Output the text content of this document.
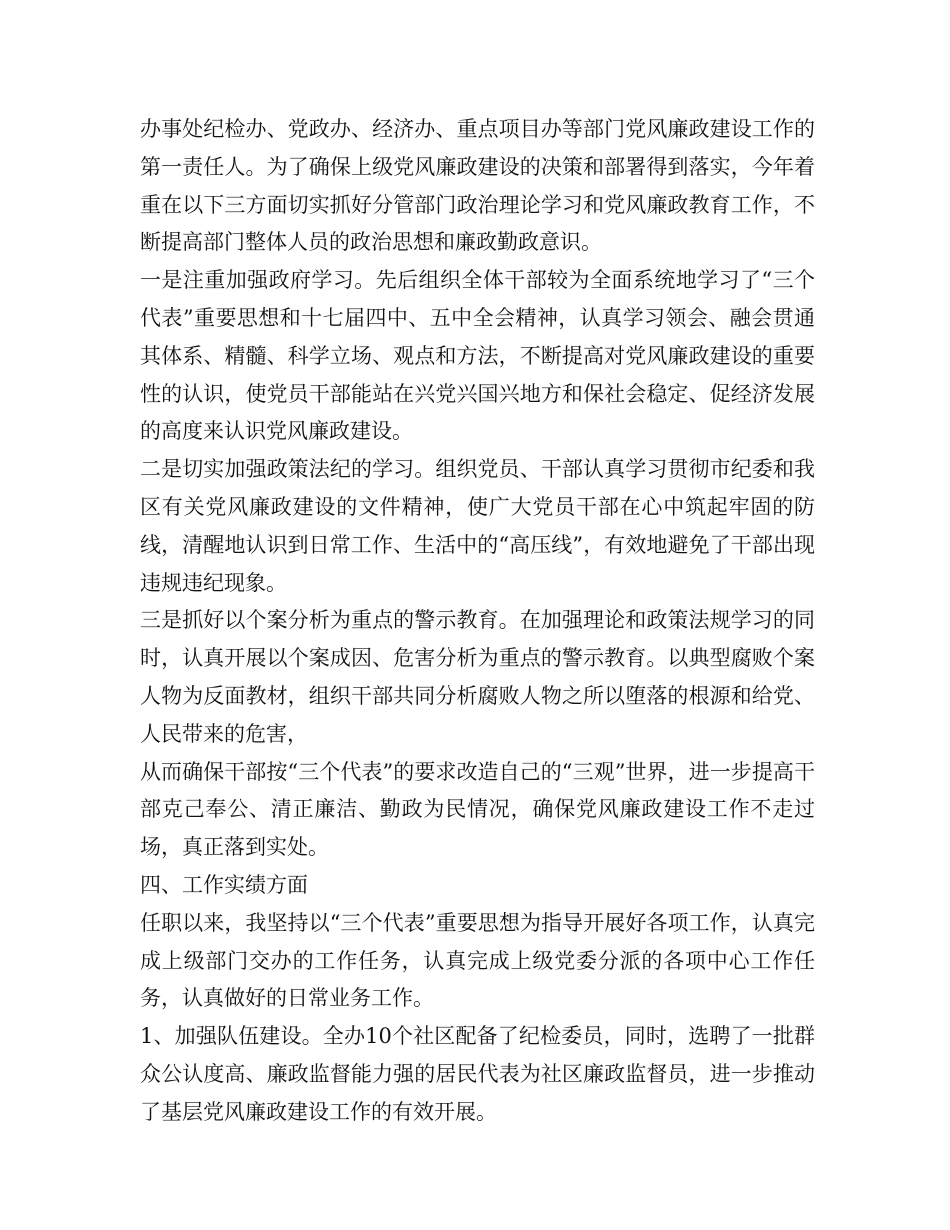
办事处纪检办、党政办、经济办、重点项目办等部门党风廉政建设工作的第一责任人。为了确保上级党风廉政建设的决策和部署得到落实，今年着重在以下三方面切实抓好分管部门政治理论学习和党风廉政教育工作，不断提高部门整体人员的政治思想和廉政勤政意识。

一是注重加强政府学习。先后组织全体干部较为全面系统地学习了“三个代表”重要思想和十七届四中、五中全会精神，认真学习领会、融会贯通其体系、精髓、科学立场、观点和方法，不断提高对党风廉政建设的重要性的认识，使党员干部能站在兴党兴国兴地方和保社会稳定、促经济发展的高度来认识党风廉政建设。

二是切实加强政策法纪的学习。组织党员、干部认真学习贯彻市纪委和我区有关党风廉政建设的文件精神，使广大党员干部在心中筑起牢固的防线，清醒地认识到日常工作、生活中的“高压线”，有效地避免了干部出现违规违纪现象。

三是抓好以个案分析为重点的警示教育。在加强理论和政策法规学习的同时，认真开展以个案成因、危害分析为重点的警示教育。以典型腐败个案人物为反面教材，组织干部共同分析腐败人物之所以堕落的根源和给党、人民带来的危害，

从而确保干部按“三个代表”的要求改造自己的“三观”世界，进一步提高干部克己奉公、清正廉洁、勤政为民情况，确保党风廉政建设工作不走过场，真正落到实处。

四、工作实绩方面

任职以来，我坚持以“三个代表”重要思想为指导开展好各项工作，认真完成上级部门交办的工作任务，认真完成上级党委分派的各项中心工作任务，认真做好的日常业务工作。

1、加强队伍建设。全办10个社区配备了纪检委员，同时，选聘了一批群众公认度高、廉政监督能力强的居民代表为社区廉政监督员，进一步推动了基层党风廉政建设工作的有效开展。
